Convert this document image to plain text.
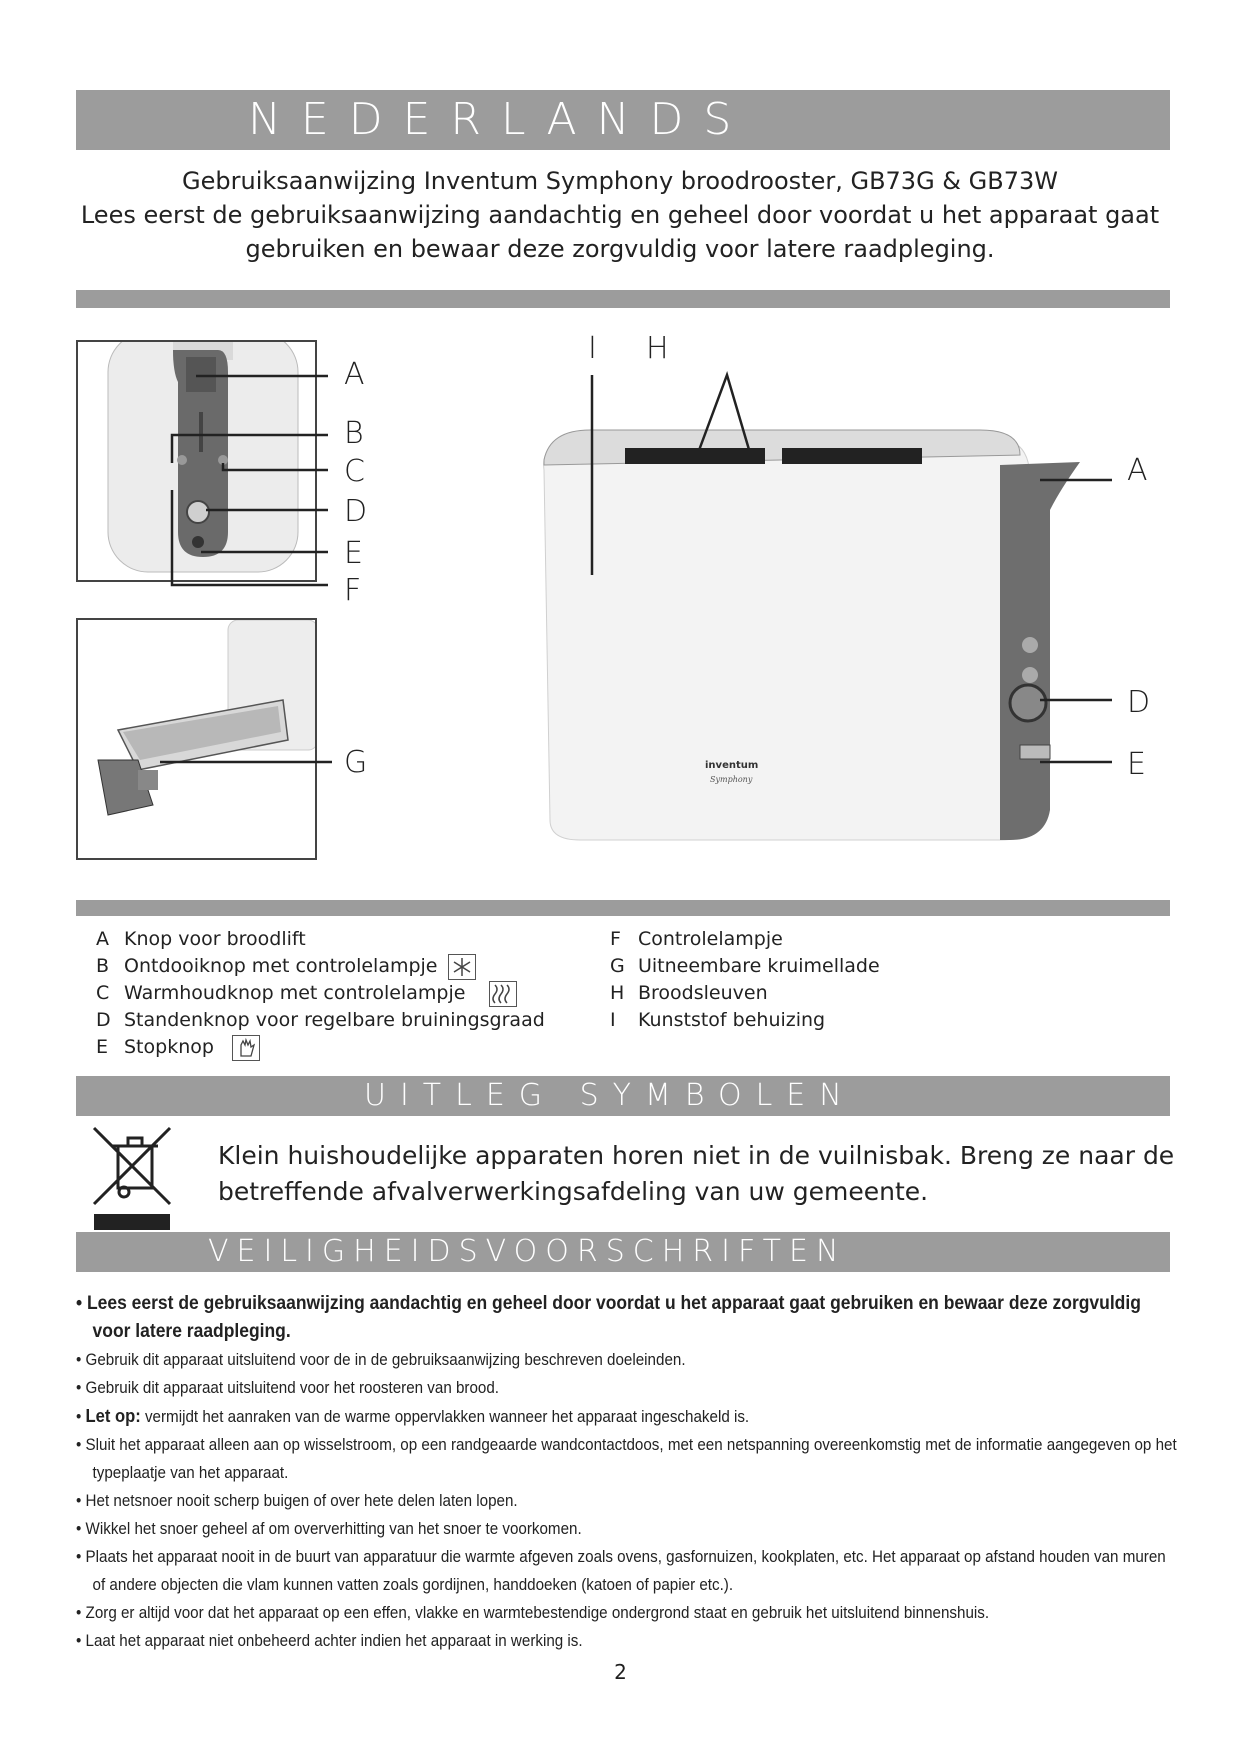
NEDERLANDS
Gebruiksaanwijzing Inventum Symphony broodrooster, GB73G & GB73W
Lees eerst de gebruiksaanwijzing aandachtig en geheel door voordat u het apparaat gaat
gebruiken en bewaar deze zorgvuldig voor latere raadpleging.
A
B
C
D
E
F
G	inventum
Symphony
I H
A
D
E
A Knop voor broodlift
B Ontdooiknop met controlelampje
C Warmhoudknop met controlelampje
D Standenknop voor regelbare bruiningsgraad
E Stopknop
F Controlelampje
G Uitneembare kruimellade
H Broodsleuven
I	Kunststof behuizing
UITLEG SYMBOLEN
Klein huishoudelijke apparaten horen niet in de vuilnisbak. Breng ze naar de
betreffende afvalverwerkingsafdeling van uw gemeente.
VEILIGHEIDSVOORSCHRIFTEN
• Lees eerst de gebruiksaanwijzing aandachtig en geheel door voordat u het apparaat gaat gebruiken en bewaar deze zorgvuldig voor latere raadpleging.
• Gebruik dit apparaat uitsluitend voor de in de gebruiksaanwijzing beschreven doeleinden.
• Gebruik dit apparaat uitsluitend voor het roosteren van brood.
• Let op: vermijdt het aanraken van de warme oppervlakken wanneer het apparaat ingeschakeld is.
• Sluit het apparaat alleen aan op wisselstroom, op een randgeaarde wandcontactdoos, met een netspanning overeenkomstig met de informatie aangegeven op het typeplaatje van het apparaat.
• Het netsnoer nooit scherp buigen of over hete delen laten lopen.
• Wikkel het snoer geheel af om oververhitting van het snoer te voorkomen.
• Plaats het apparaat nooit in de buurt van apparatuur die warmte afgeven zoals ovens, gasfornuizen, kookplaten, etc. Het apparaat op afstand houden van muren of andere objecten die vlam kunnen vatten zoals gordijnen, handdoeken (katoen of papier etc.).
• Zorg er altijd voor dat het apparaat op een effen, vlakke en warmtebestendige ondergrond staat en gebruik het uitsluitend binnenshuis.
• Laat het apparaat niet onbeheerd achter indien het apparaat in werking is.
2
